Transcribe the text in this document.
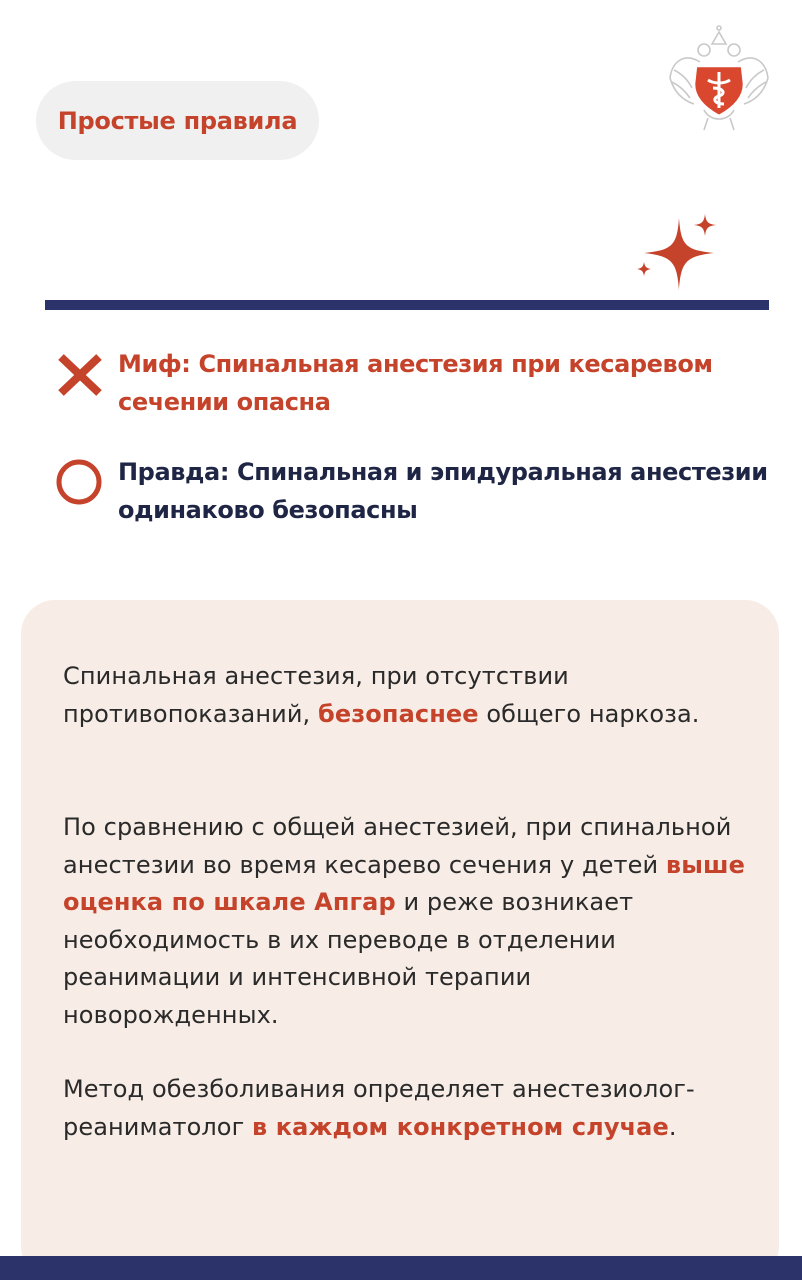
Простые правила
Миф: Спинальная анестезия при кесаревом сечении опасна
Правда: Спинальная и эпидуральная анестезии одинаково безопасны

Спинальная анестезия, при отсутствии противопоказаний, безопаснее общего наркоза.

По сравнению с общей анестезией, при спинальной анестезии во время кесарево сечения у детей выше оценка по шкале Апгар и реже возникает необходимость в их переводе в отделении реанимации и интенсивной терапии новорожденных.

Метод обезболивания определяет анестезиолог-реаниматолог в каждом конкретном случае.
